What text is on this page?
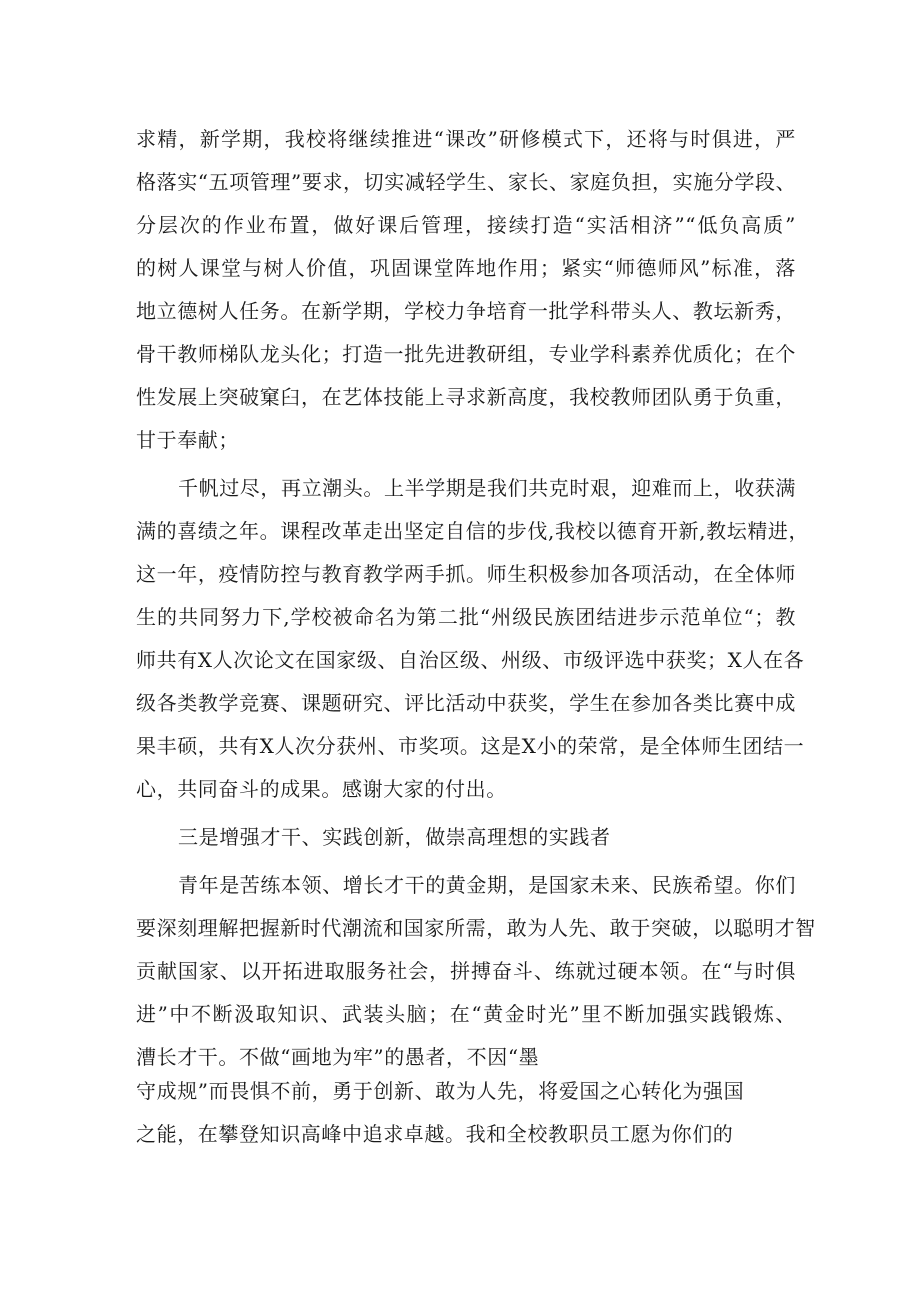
求精，新学期，我校将继续推进“课改”研修模式下，还将与时俱进，严
格落实“五项管理”要求，切实减轻学生、家长、家庭负担，实施分学段、
分层次的作业布置，做好课后管理，接续打造“实活相济”“低负高质”
的树人课堂与树人价值，巩固课堂阵地作用；紧实“师德师风”标准，落
地立德树人任务。在新学期，学校力争培育一批学科带头人、教坛新秀，
骨干教师梯队龙头化；打造一批先进教研组，专业学科素养优质化；在个
性发展上突破窠臼，在艺体技能上寻求新高度，我校教师团队勇于负重，
甘于奉献；
千帆过尽，再立潮头。上半学期是我们共克时艰，迎难而上，收获满
满的喜绩之年。课程改革走出坚定自信的步伐,我校以德育开新,教坛精进，
这一年，疫情防控与教育教学两手抓。师生积极参加各项活动，在全体师
生的共同努力下,学校被命名为第二批“州级民族团结进步示范单位“；教
师共有X人次论文在国家级、自治区级、州级、市级评选中获奖；X人在各
级各类教学竞赛、课题研究、评比活动中获奖，学生在参加各类比赛中成
果丰硕，共有X人次分获州、市奖项。这是X小的荣常，是全体师生团结一
心，共同奋斗的成果。感谢大家的付出。
三是增强才干、实践创新，做崇高理想的实践者
青年是苦练本领、增长才干的黄金期，是国家未来、民族希望。你们
要深刻理解把握新时代潮流和国家所需，敢为人先、敢于突破，以聪明才智
贡献国家、以开拓进取服务社会，拼搏奋斗、练就过硬本领。在“与时俱
进”中不断汲取知识、武装头脑；在“黄金时光”里不断加强实践锻炼、
漕长才干。不做“画地为牢”的愚者，不因“墨
守成规”而畏惧不前，勇于创新、敢为人先，将爱国之心转化为强国
之能，在攀登知识高峰中追求卓越。我和全校教职员工愿为你们的
